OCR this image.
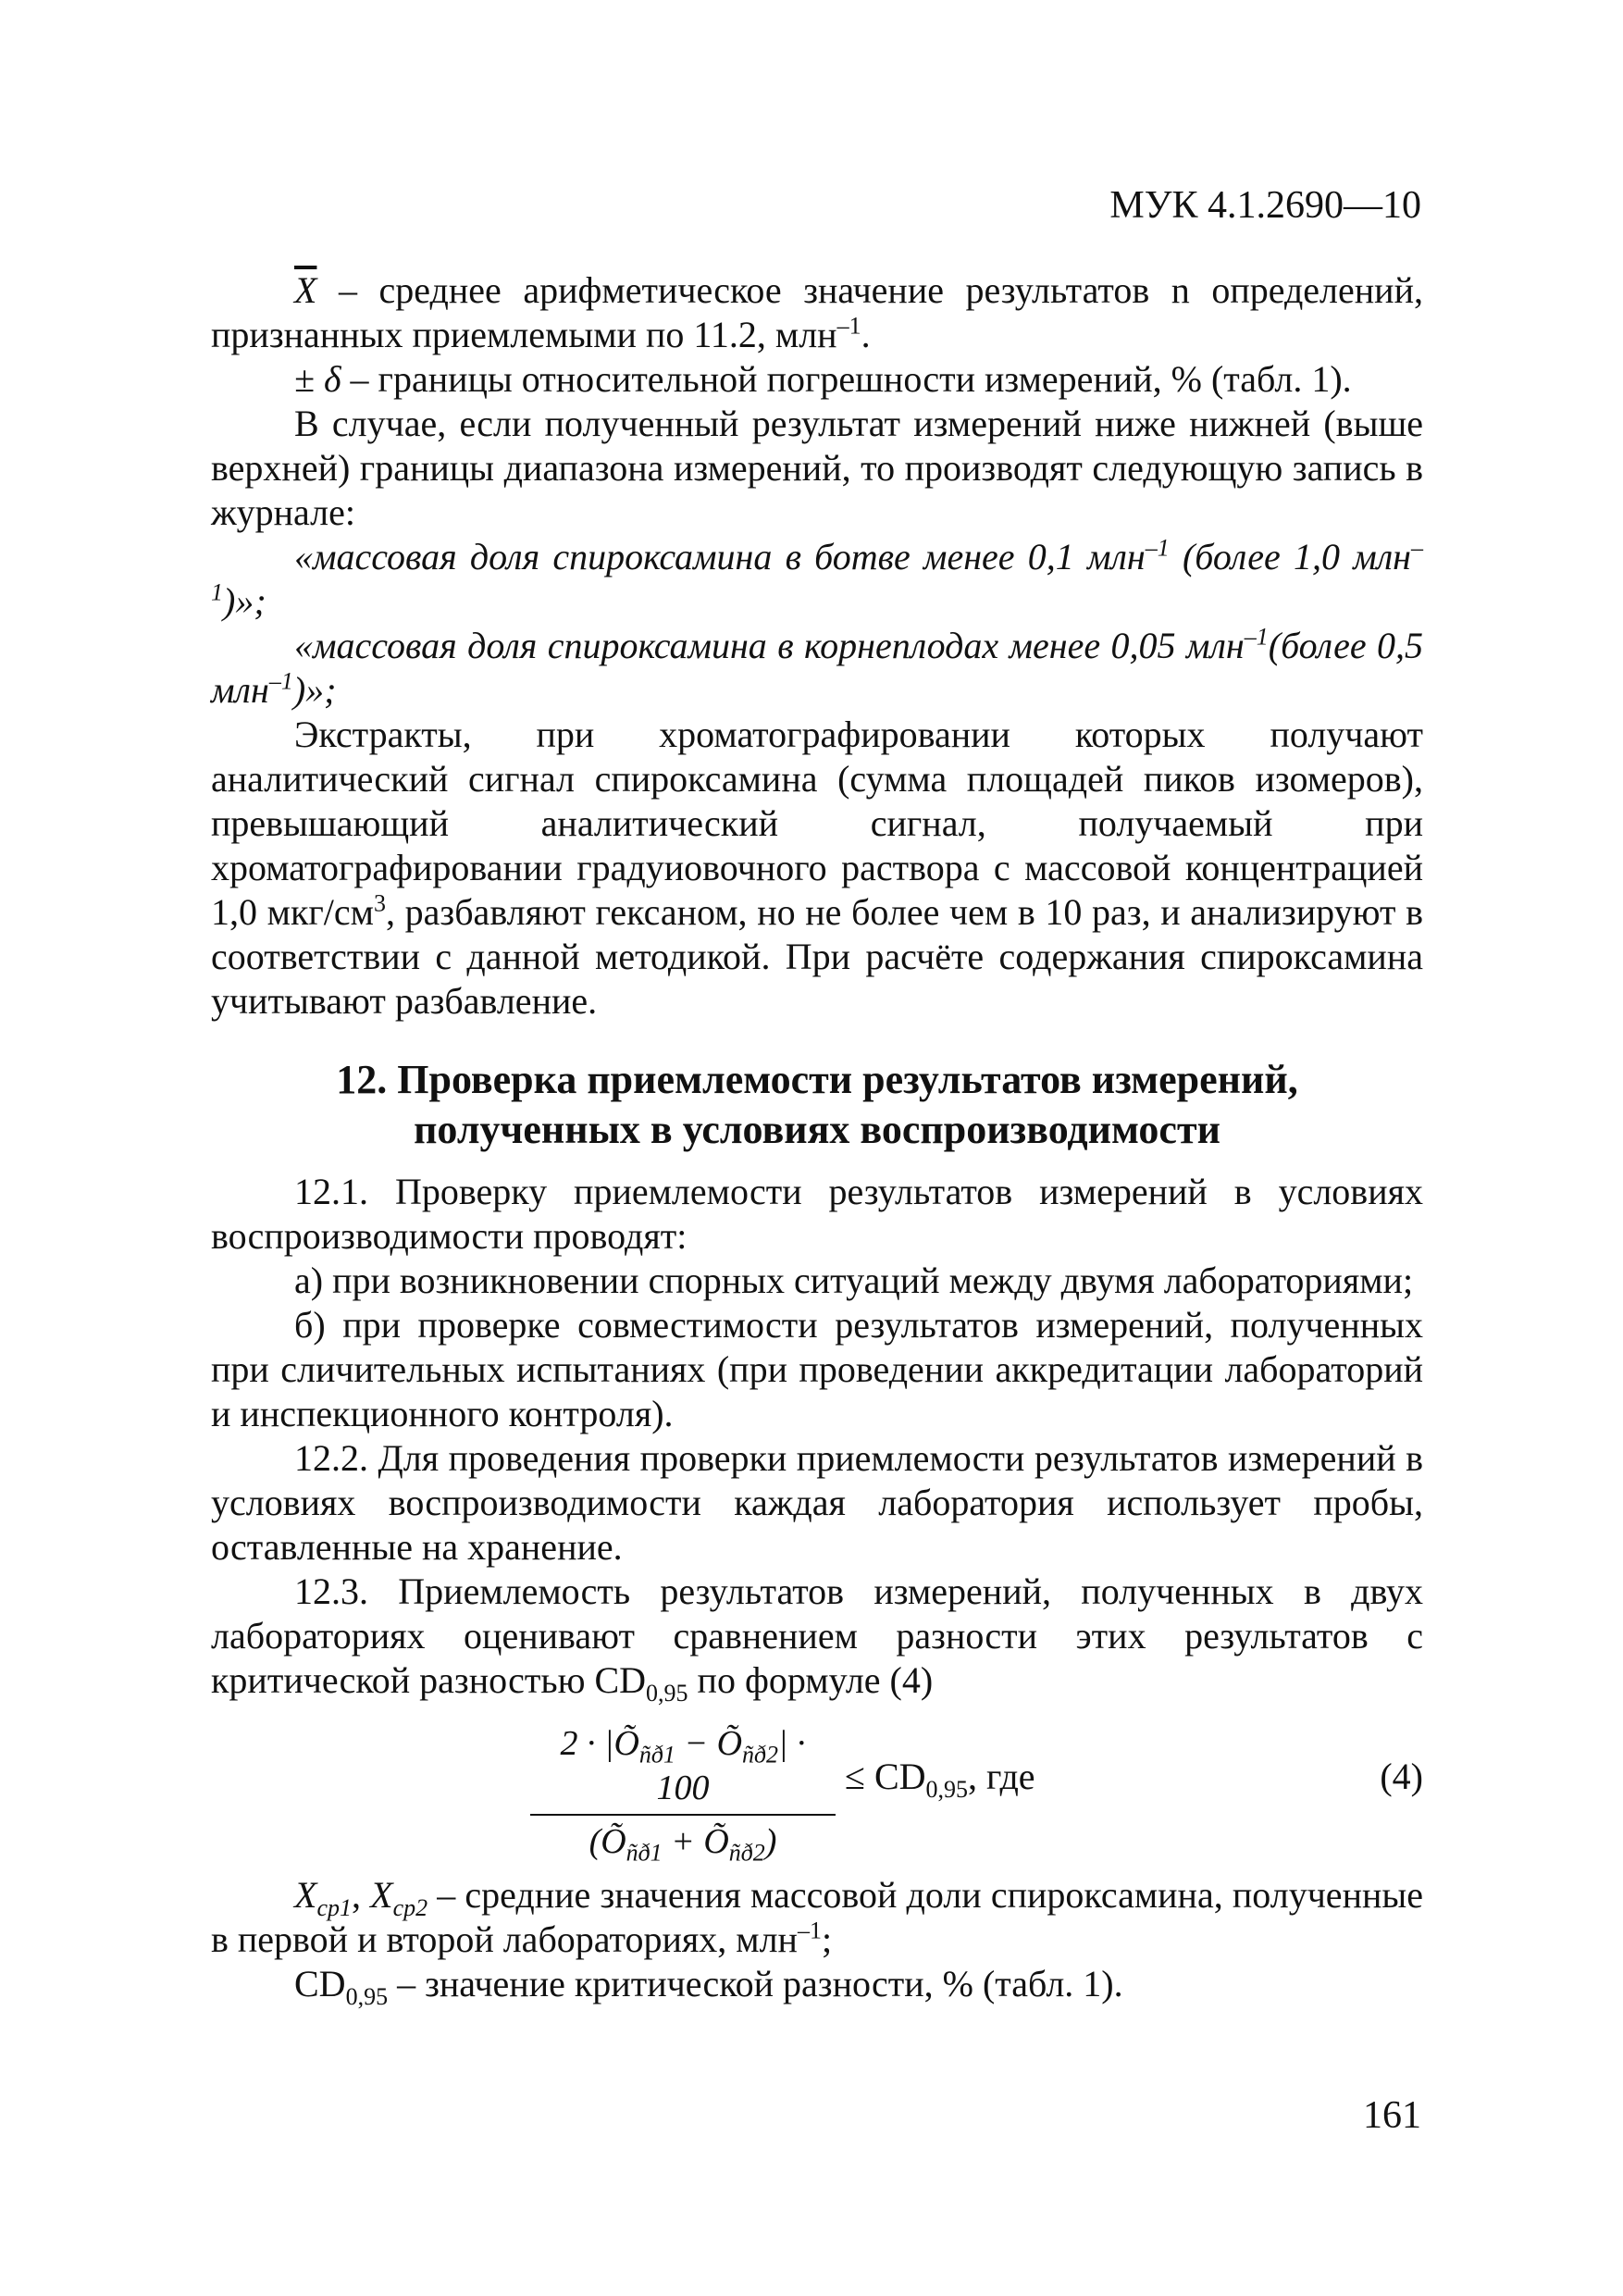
МУК 4.1.2690—10

$\overline{X}$ – среднее арифметическое значение результатов n определений, признанных приемлемыми по 11.2, млн$^{-1}$.

± δ – границы относительной погрешности измерений, % (табл. 1).

В случае, если полученный результат измерений ниже нижней (выше верхней) границы диапазона измерений, то производят следующую запись в журнале:

«массовая доля спироксамина в ботве менее 0,1 млн$^{-1}$ (более 1,0 млн$^{-1}$)»;

«массовая доля спироксамина в корнеплодах менее 0,05 млн$^{-1}$(более 0,5 млн$^{-1}$)»;

Экстракты, при хроматографировании которых получают аналитический сигнал спироксамина (сумма площадей пиков изомеров), превышающий аналитический сигнал, получаемый при хроматографировании градуиовочного раствора с массовой концентрацией 1,0 мкг/$см^3$, разбавляют гексаном, но не более чем в 10 раз, и анализируют в соответствии с данной методикой. При расчёте содержания спироксамина учитывают разбавление.

12. Проверка приемлемости результатов измерений,
полученных в условиях воспроизводимости

12.1. Проверку приемлемости результатов измерений в условиях воспроизводимости проводят:

а) при возникновении спорных ситуаций между двумя лабораториями;

б) при проверке совместимости результатов измерений, полученных при сличительных испытаниях (при проведении аккредитации лабораторий и инспекционного контроля).

12.2. Для проведения проверки приемлемости результатов измерений в условиях воспроизводимости каждая лаборатория использует пробы, оставленные на хранение.

12.3. Приемлемость результатов измерений, полученных в двух лабораториях оценивают сравнением разности этих результатов с критической разностью $CD_{0,95}$ по формуле (4)

$2 \cdot |Õ_{ñð1}$ − $Õ_{ñð2}| \cdot 100$
($Õ_{ñð1}$ + $Õ_{ñð2}$)
≤ $CD_{0,95}$, где	(4)

$X_{cp1}$, $X_{cp2}$ – средние значения массовой доли спироксамина, полученные в первой и второй лабораториях, млн$^{-1}$;

$CD_{0,95}$ – значение критической разности, % (табл. 1).

161
